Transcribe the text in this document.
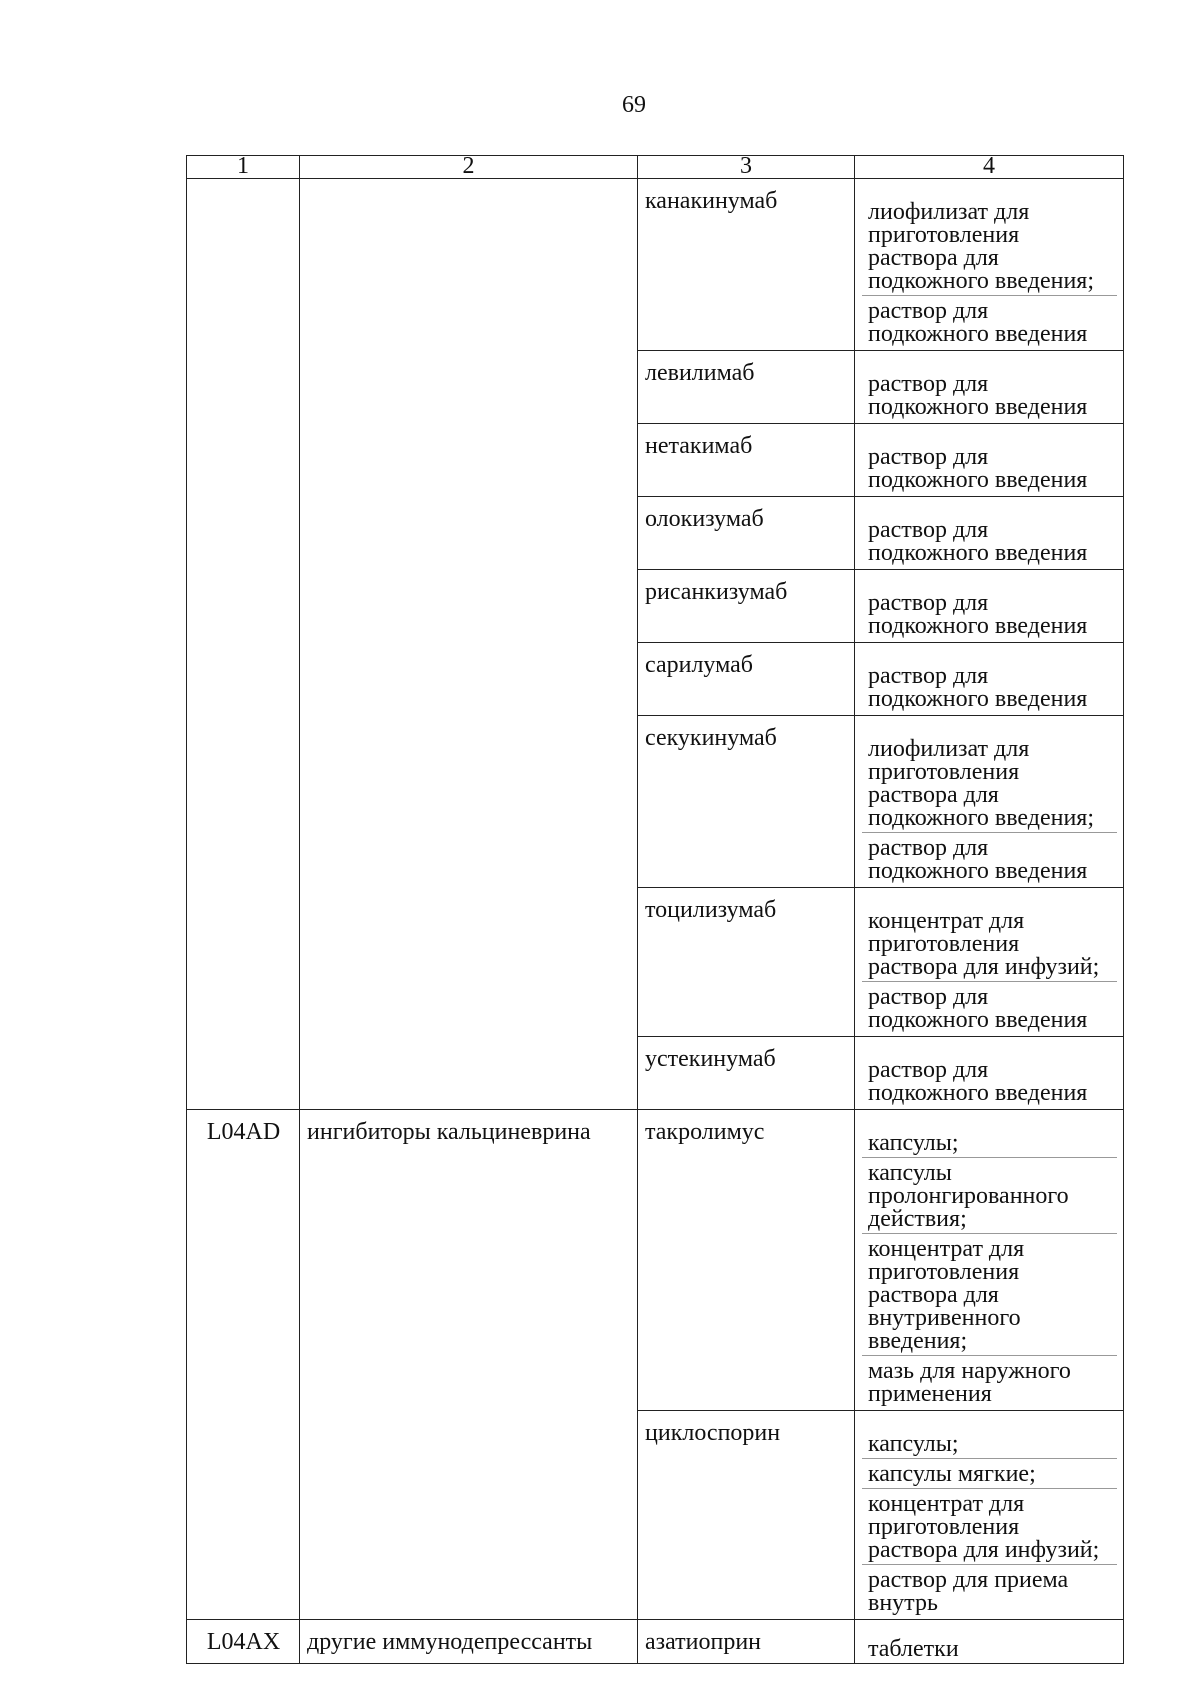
69
1	2	3	4
		канакинумаб	лиофилизат для приготовления раствора для подкожного введения;
раствор для подкожного введения

		левилимаб	раствор для подкожного введения

		нетакимаб	раствор для подкожного введения

		олокизумаб	раствор для подкожного введения

		рисанкизумаб	раствор для подкожного введения

		сарилумаб	раствор для подкожного введения

		секукинумаб	лиофилизат для приготовления раствора для подкожного введения;
раствор для подкожного введения

		тоцилизумаб	концентрат для приготовления раствора для инфузий;
раствор для подкожного введения

		устекинумаб	раствор для подкожного введения

L04AD	ингибиторы кальциневрина	такролимус	капсулы;
капсулы пролонгированного действия;
концентрат для приготовления раствора для внутривенного введения;
мазь для наружного применения

		циклоспорин	капсулы;
капсулы мягкие;
концентрат для приготовления раствора для инфузий;
раствор для приема внутрь

L04AX	другие иммунодепрессанты	азатиоприн	таблетки
